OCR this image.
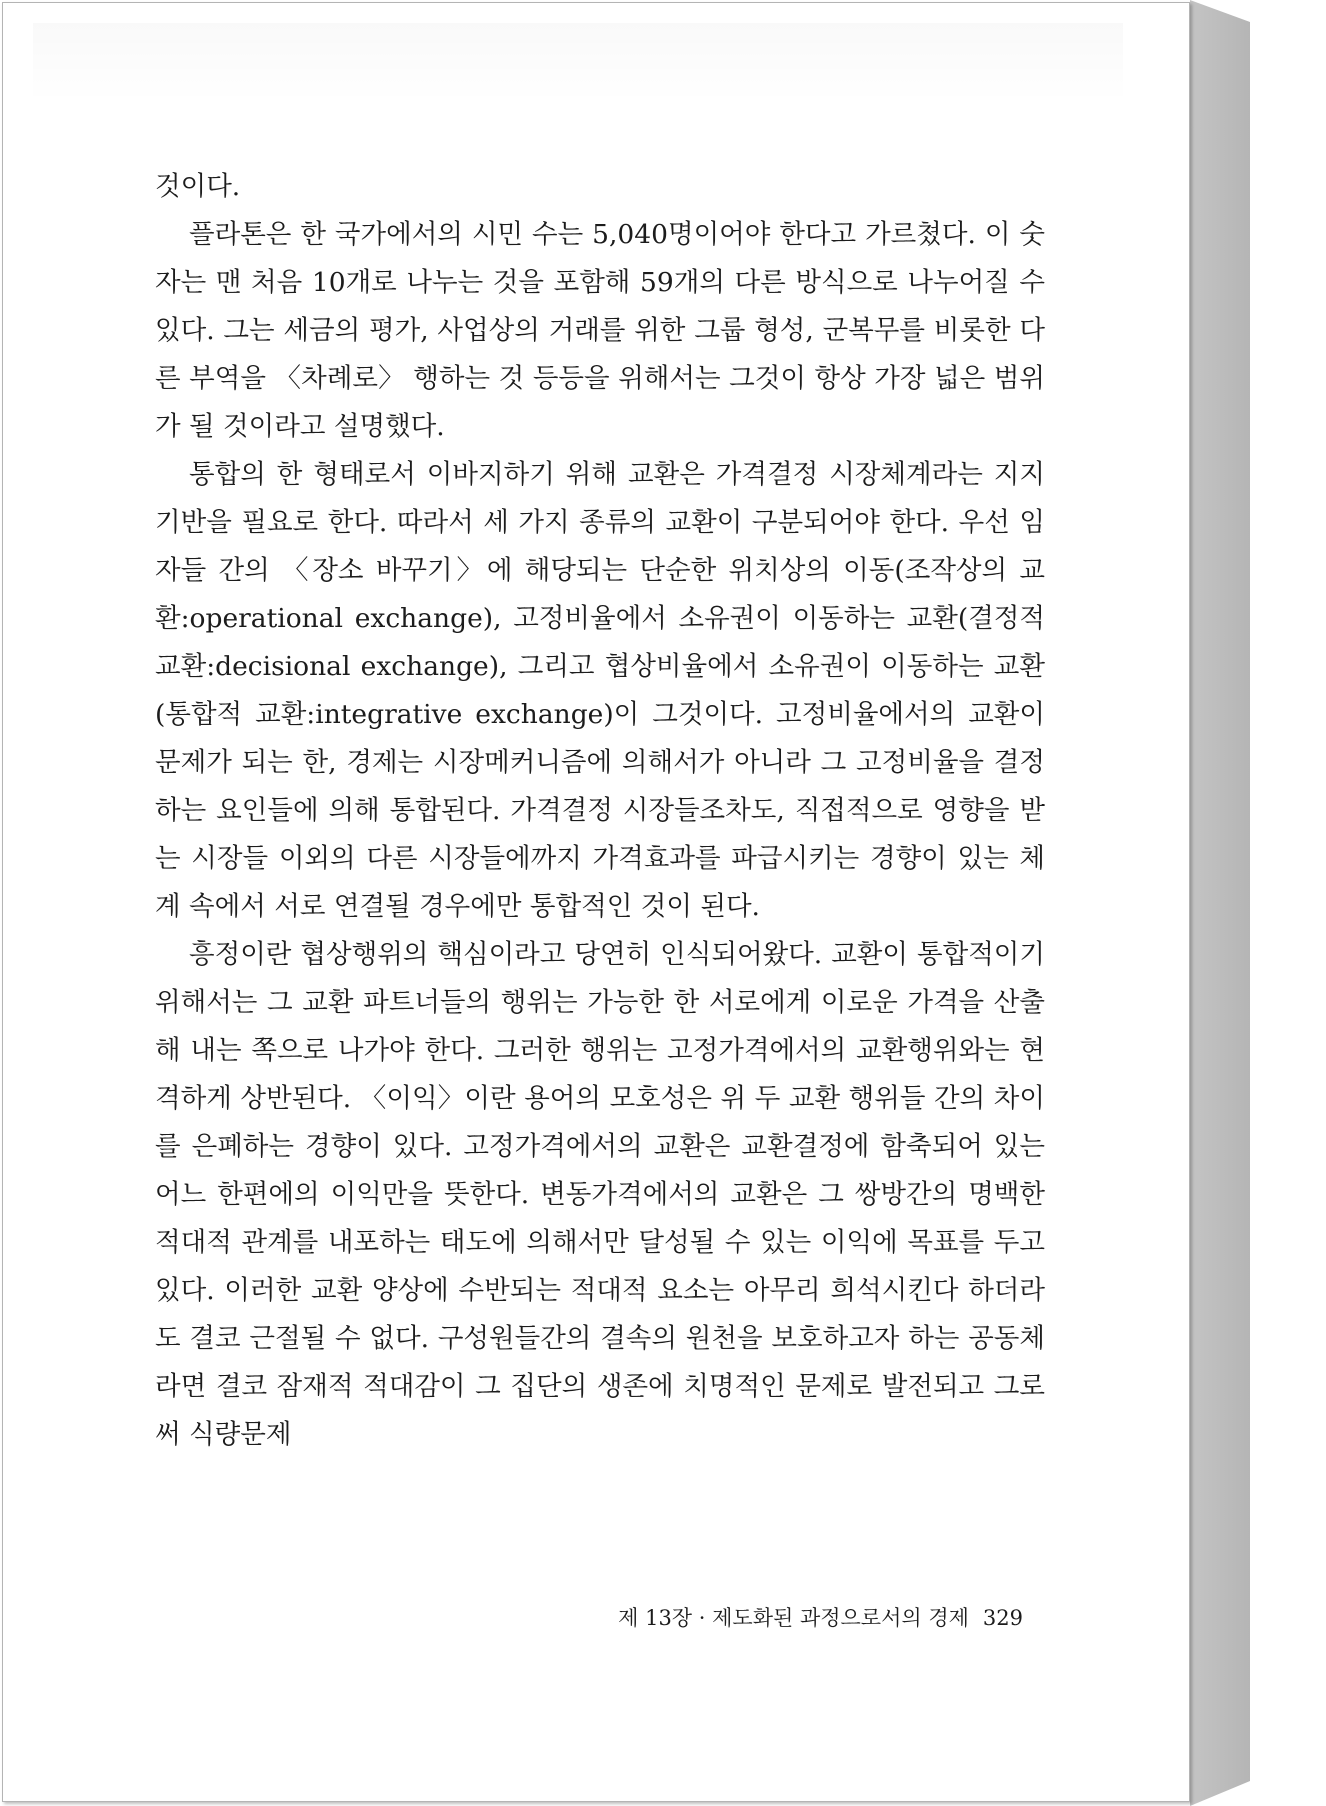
것이다.

플라톤은 한 국가에서의 시민 수는 5,040명이어야 한다고 가르쳤다. 이 숫자는 맨 처음 10개로 나누는 것을 포함해 59개의 다른 방식으로 나누어질 수 있다. 그는 세금의 평가, 사업상의 거래를 위한 그룹 형성, 군복무를 비롯한 다른 부역을 〈차례로〉 행하는 것 등등을 위해서는 그것이 항상 가장 넓은 범위가 될 것이라고 설명했다.

통합의 한 형태로서 이바지하기 위해 교환은 가격결정 시장체계라는 지지기반을 필요로 한다. 따라서 세 가지 종류의 교환이 구분되어야 한다. 우선 임자들 간의 〈장소 바꾸기〉에 해당되는 단순한 위치상의 이동(조작상의 교환:operational exchange), 고정비율에서 소유권이 이동하는 교환(결정적 교환:decisional exchange), 그리고 협상비율에서 소유권이 이동하는 교환(통합적 교환:integrative exchange)이 그것이다. 고정비율에서의 교환이 문제가 되는 한, 경제는 시장메커니즘에 의해서가 아니라 그 고정비율을 결정하는 요인들에 의해 통합된다. 가격결정 시장들조차도, 직접적으로 영향을 받는 시장들 이외의 다른 시장들에까지 가격효과를 파급시키는 경향이 있는 체계 속에서 서로 연결될 경우에만 통합적인 것이 된다.

흥정이란 협상행위의 핵심이라고 당연히 인식되어왔다. 교환이 통합적이기 위해서는 그 교환 파트너들의 행위는 가능한 한 서로에게 이로운 가격을 산출해 내는 쪽으로 나가야 한다. 그러한 행위는 고정가격에서의 교환행위와는 현격하게 상반된다. 〈이익〉이란 용어의 모호성은 위 두 교환 행위들 간의 차이를 은폐하는 경향이 있다. 고정가격에서의 교환은 교환결정에 함축되어 있는 어느 한편에의 이익만을 뜻한다. 변동가격에서의 교환은 그 쌍방간의 명백한 적대적 관계를 내포하는 태도에 의해서만 달성될 수 있는 이익에 목표를 두고 있다. 이러한 교환 양상에 수반되는 적대적 요소는 아무리 희석시킨다 하더라도 결코 근절될 수 없다. 구성원들간의 결속의 원천을 보호하고자 하는 공동체라면 결코 잠재적 적대감이 그 집단의 생존에 치명적인 문제로 발전되고 그로써 식량문제

제 13장 · 제도화된 과정으로서의 경제 329
